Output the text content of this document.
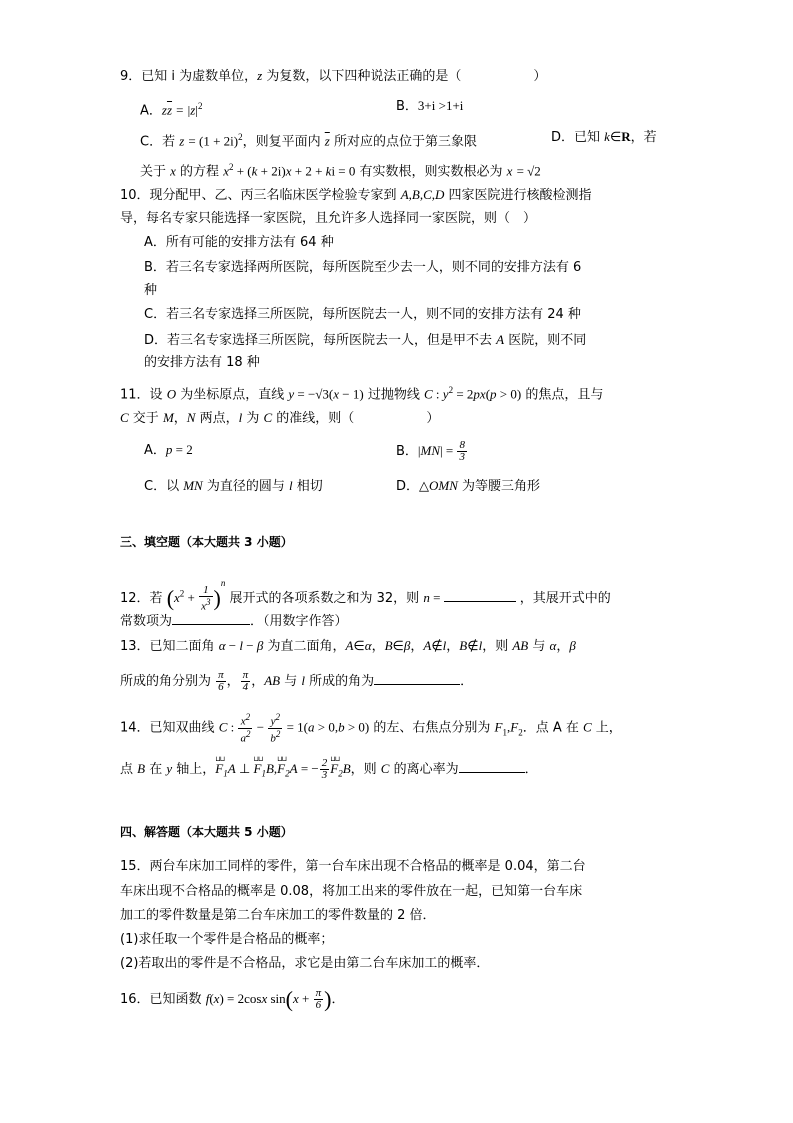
9．已知 i 为虚数单位，z 为复数，以下四种说法正确的是（	）
A．$z\overline{z} = |z|^2$	B．3+i >1+i
C．若 $z = (1 + 2i)^2$，则复平面内 $\overline{z}$ 所对应的点位于第三象限	D．已知 k∈R，若
关于 x 的方程 $x^2 + (k + 2i)x + 2$ + ki = 0 有实数根，则实数根必为 x = √2
10．现分配甲、乙、丙三名临床医学检验专家到 A,B,C,D 四家医院进行核酸检测指
导，每名专家只能选择一家医院，且允许多人选择同一家医院，则（　）
A．所有可能的安排方法有 64 种
B．若三名专家选择两所医院，每所医院至少去一人，则不同的安排方法有 6
种
C．若三名专家选择三所医院，每所医院去一人，则不同的安排方法有 24 种
D．若三名专家选择三所医院，每所医院去一人，但是甲不去 A 医院，则不同
的安排方法有 18 种
11．设 O 为坐标原点，直线 y = −√3(x − 1) 过抛物线 C : $y^2 = 2px(p > 0)$ 的焦点，且与
C 交于 M，N 两点，l 为 C 的准线，则（	）
A．p = 2	B．$|MN| = \frac{8}{3}$
C．以 MN 为直径的圆与 l 相切	D．△OMN 为等腰三角形
三、填空题（本大题共 3 小题）
12．若 $(x^2 + \frac{1}{x^3} )^n$ 展开式的各项系数之和为 32，则 n =	，其展开式中的
常数项为	．（用数字作答）
13．已知二面角 α − l − β 为直二面角，A∈α，B∈β，A∉l，B∉l，则 AB 与 α，β
所成的角分别为 $\frac{\pi}{6}$ ， $\frac{\pi}{4}$ ，AB 与 l 所成的角为	．
14．已知双曲线 C : $\frac{x^2}{a^2} - \frac{y^2}{b^2} = 1(a > 0,b > 0)$ 的左、右焦点分别为 $F_1,F_2$．点 A 在 C 上，
点 B 在 y 轴上，⊔⊔ $F_1A$ ⊥ ⊔⊔ $F_1B,⊔⊔$ $F_2A$ = − $\frac{2}{3}$ ⊔⊔ $F_2B$，则 C 的离心率为	．
四、解答题（本大题共 5 小题）
15．两台车床加工同样的零件，第一台车床出现不合格品的概率是 0.04，第二台
车床出现不合格品的概率是 0.08，将加工出来的零件放在一起，已知第一台车床
加工的零件数量是第二台车床加工的零件数量的 2 倍．
(1)求任取一个零件是合格品的概率；
(2)若取出的零件是不合格品，求它是由第二台车床加工的概率．
16．已知函数 f(x) = 2cosx $\sin(x + \frac{\pi}{6}$ )．
